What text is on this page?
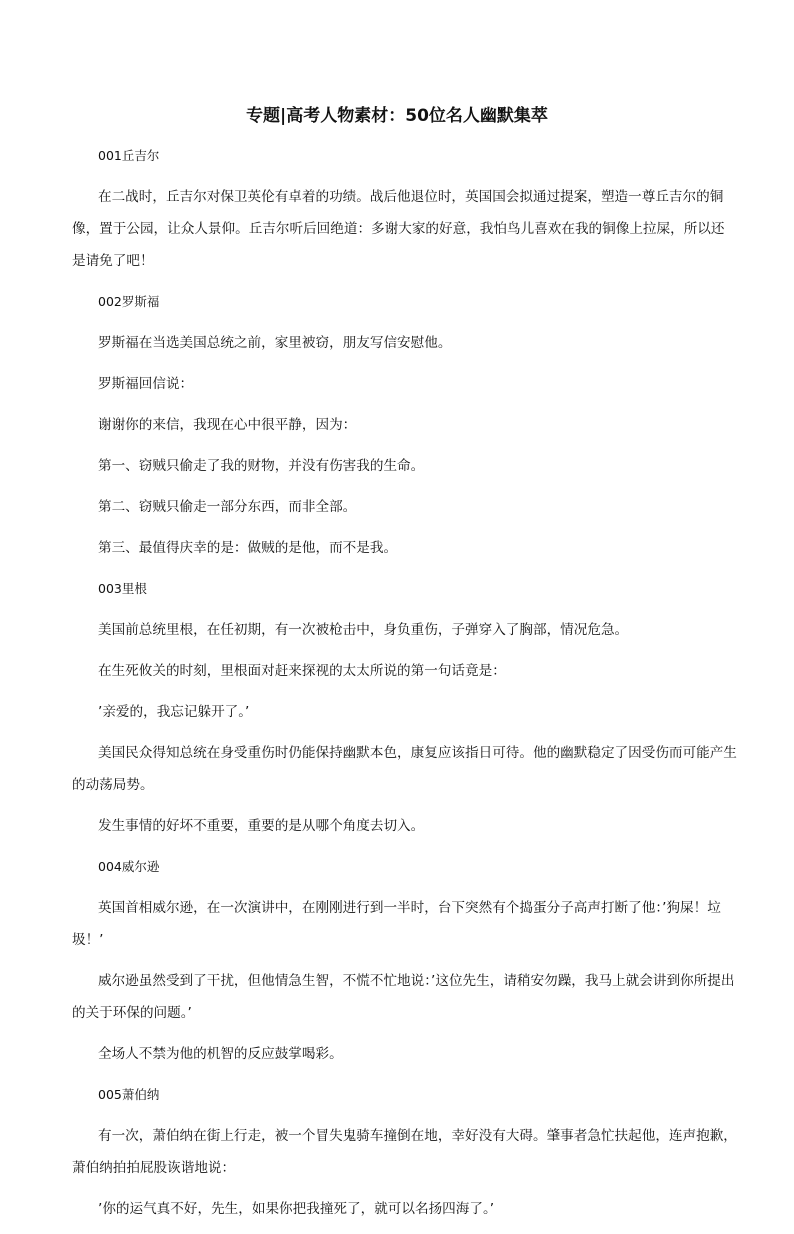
专题|高考人物素材：50位名人幽默集萃
001丘吉尔
在二战时，丘吉尔对保卫英伦有卓着的功绩。战后他退位时，英国国会拟通过提案，塑造一尊丘吉尔的铜像，置于公园，让众人景仰。丘吉尔听后回绝道：多谢大家的好意，我怕鸟儿喜欢在我的铜像上拉屎，所以还是请免了吧！
002罗斯福
罗斯福在当选美国总统之前，家里被窃，朋友写信安慰他。
罗斯福回信说：
谢谢你的来信，我现在心中很平静，因为：
第一、窃贼只偷走了我的财物，并没有伤害我的生命。
第二、窃贼只偷走一部分东西，而非全部。
第三、最值得庆幸的是：做贼的是他，而不是我。
003里根
美国前总统里根，在任初期，有一次被枪击中，身负重伤，子弹穿入了胸部，情况危急。
在生死攸关的时刻，里根面对赶来探视的太太所说的第一句话竟是：
’亲爱的，我忘记躲开了。’
美国民众得知总统在身受重伤时仍能保持幽默本色，康复应该指日可待。他的幽默稳定了因受伤而可能产生的动荡局势。
发生事情的好坏不重要，重要的是从哪个角度去切入。
004威尔逊
英国首相威尔逊，在一次演讲中，在刚刚进行到一半时，台下突然有个捣蛋分子高声打断了他：’狗屎！垃圾！’
威尔逊虽然受到了干扰，但他情急生智，不慌不忙地说：’这位先生，请稍安勿躁，我马上就会讲到你所提出的关于环保的问题。’
全场人不禁为他的机智的反应鼓掌喝彩。
005萧伯纳
有一次，萧伯纳在街上行走，被一个冒失鬼骑车撞倒在地，幸好没有大碍。肇事者急忙扶起他，连声抱歉，萧伯纳拍拍屁股诙谐地说：
’你的运气真不好，先生，如果你把我撞死了，就可以名扬四海了。’
